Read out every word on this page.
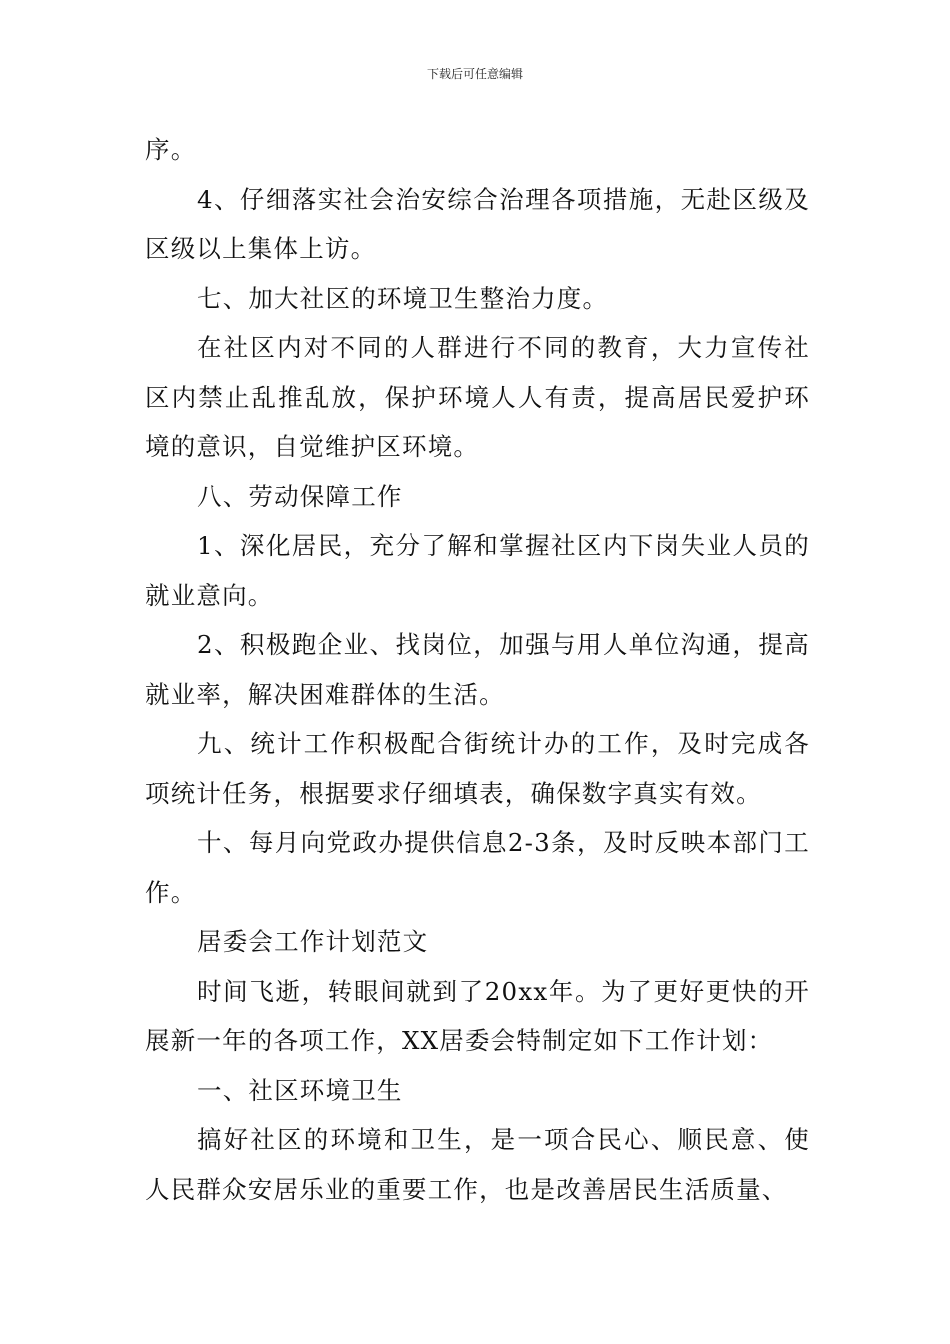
下载后可任意编辑

序。

4、仔细落实社会治安综合治理各项措施，无赴区级及区级以上集体上访。

七、加大社区的环境卫生整治力度。

在社区内对不同的人群进行不同的教育，大力宣传社区内禁止乱推乱放，保护环境人人有责，提高居民爱护环境的意识，自觉维护区环境。

八、劳动保障工作

1、深化居民，充分了解和掌握社区内下岗失业人员的就业意向。

2、积极跑企业、找岗位，加强与用人单位沟通，提高就业率，解决困难群体的生活。

九、统计工作积极配合街统计办的工作，及时完成各项统计任务，根据要求仔细填表，确保数字真实有效。

十、每月向党政办提供信息2-3条，及时反映本部门工作。

居委会工作计划范文

时间飞逝，转眼间就到了20xx年。为了更好更快的开展新一年的各项工作，XX居委会特制定如下工作计划：

一、社区环境卫生

搞好社区的环境和卫生，是一项合民心、顺民意、使人民群众安居乐业的重要工作，也是改善居民生活质量、
